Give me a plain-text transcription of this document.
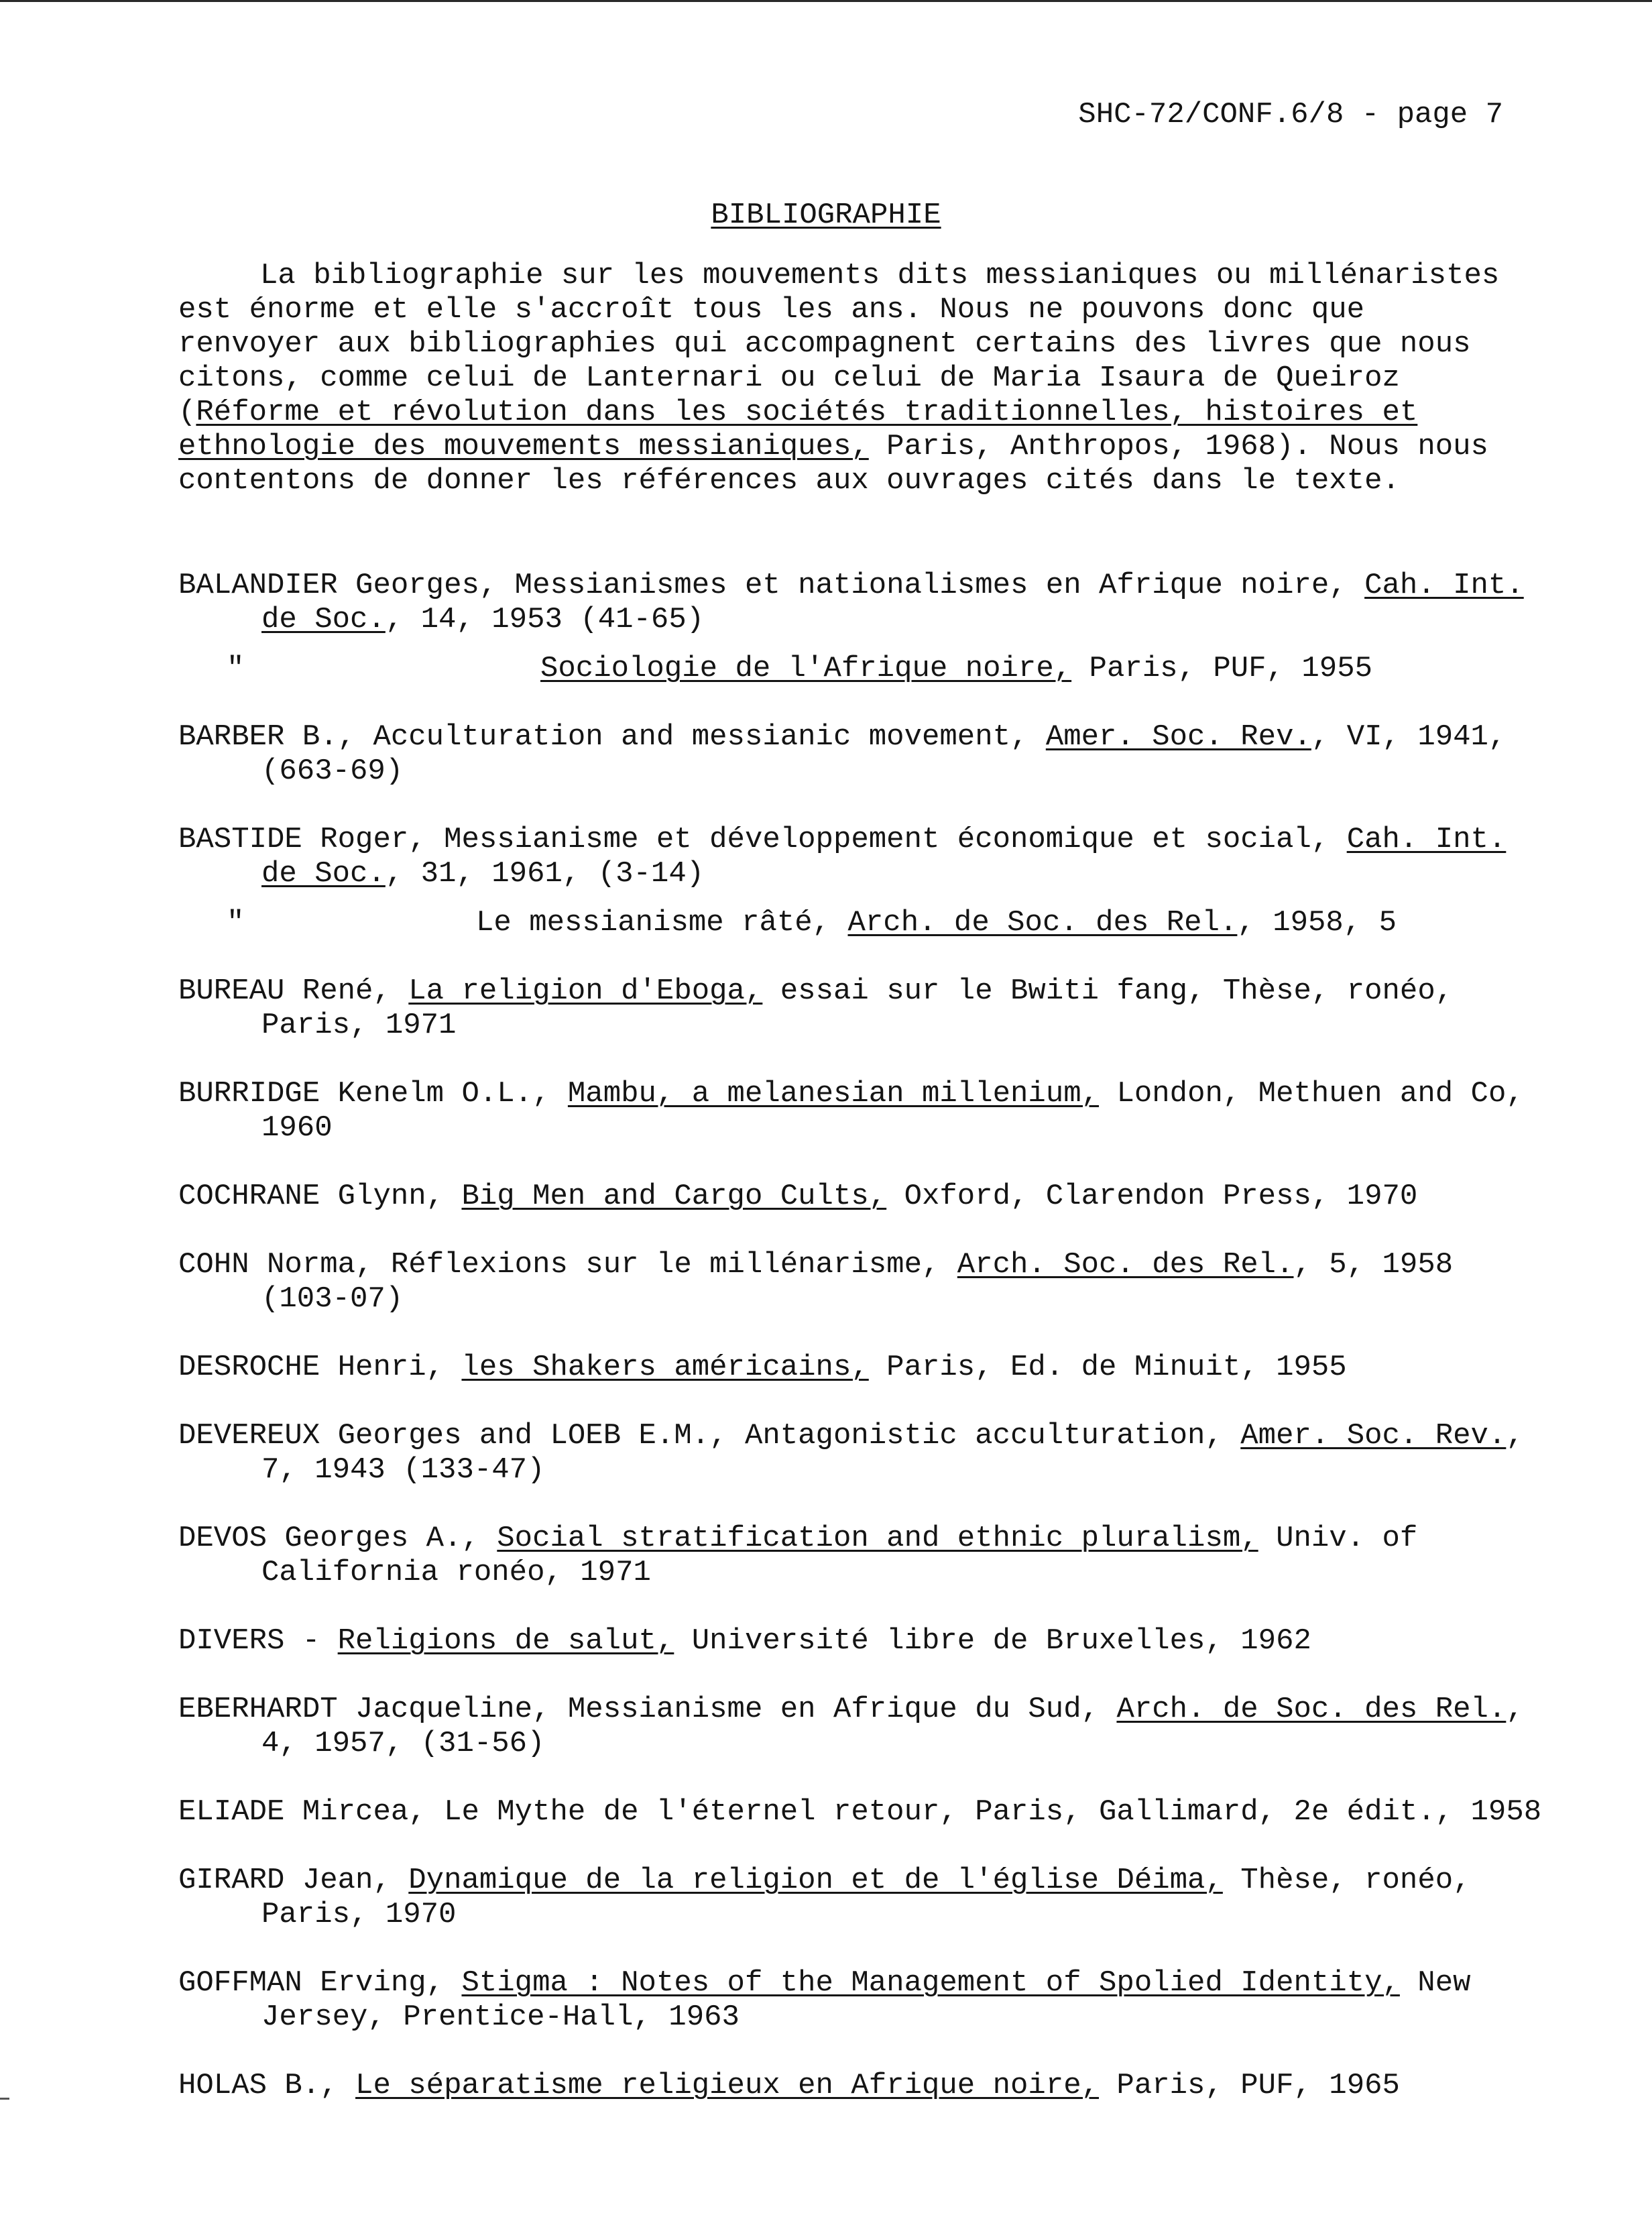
SHC-72/CONF.6/8 - page 7
BIBLIOGRAPHIE

La bibliographie sur les mouvements dits messianiques ou millénaristes est énorme et elle s'accroît tous les ans. Nous ne pouvons donc que renvoyer aux bibliographies qui accompagnent certains des livres que nous citons, comme celui de Lanternari ou celui de Maria Isaura de Queiroz (Réforme et révolution dans les sociétés traditionnelles, histoires et ethnologie des mouvements messianiques, Paris, Anthropos, 1968). Nous nous contentons de donner les références aux ouvrages cités dans le texte.

BALANDIER Georges, Messianismes et nationalismes en Afrique noire, Cah. Int. de Soc., 14, 1953 (41-65)
"	Sociologie de l'Afrique noire, Paris, PUF, 1955
BARBER B., Acculturation and messianic movement, Amer. Soc. Rev., VI, 1941, (663-69)
BASTIDE Roger, Messianisme et développement économique et social, Cah. Int. de Soc., 31, 1961, (3-14)
"	Le messianisme râté, Arch. de Soc. des Rel., 1958, 5
BUREAU René, La religion d'Eboga, essai sur le Bwiti fang, Thèse, ronéo, Paris, 1971
BURRIDGE Kenelm O.L., Mambu, a melanesian millenium, London, Methuen and Co, 1960
COCHRANE Glynn, Big Men and Cargo Cults, Oxford, Clarendon Press, 1970
COHN Norma, Réflexions sur le millénarisme, Arch. Soc. des Rel., 5, 1958 (103-07)
DESROCHE Henri, les Shakers américains, Paris, Ed. de Minuit, 1955
DEVEREUX Georges and LOEB E.M., Antagonistic acculturation, Amer. Soc. Rev., 7, 1943 (133-47)
DEVOS Georges A., Social stratification and ethnic pluralism, Univ. of California ronéo, 1971
DIVERS - Religions de salut, Université libre de Bruxelles, 1962
EBERHARDT Jacqueline, Messianisme en Afrique du Sud, Arch. de Soc. des Rel., 4, 1957, (31-56)
ELIADE Mircea, Le Mythe de l'éternel retour, Paris, Gallimard, 2e édit., 1958
GIRARD Jean, Dynamique de la religion et de l'église Déima, Thèse, ronéo, Paris, 1970
GOFFMAN Erving, Stigma : Notes of the Management of Spolied Identity, New Jersey, Prentice-Hall, 1963
HOLAS B., Le séparatisme religieux en Afrique noire, Paris, PUF, 1965
